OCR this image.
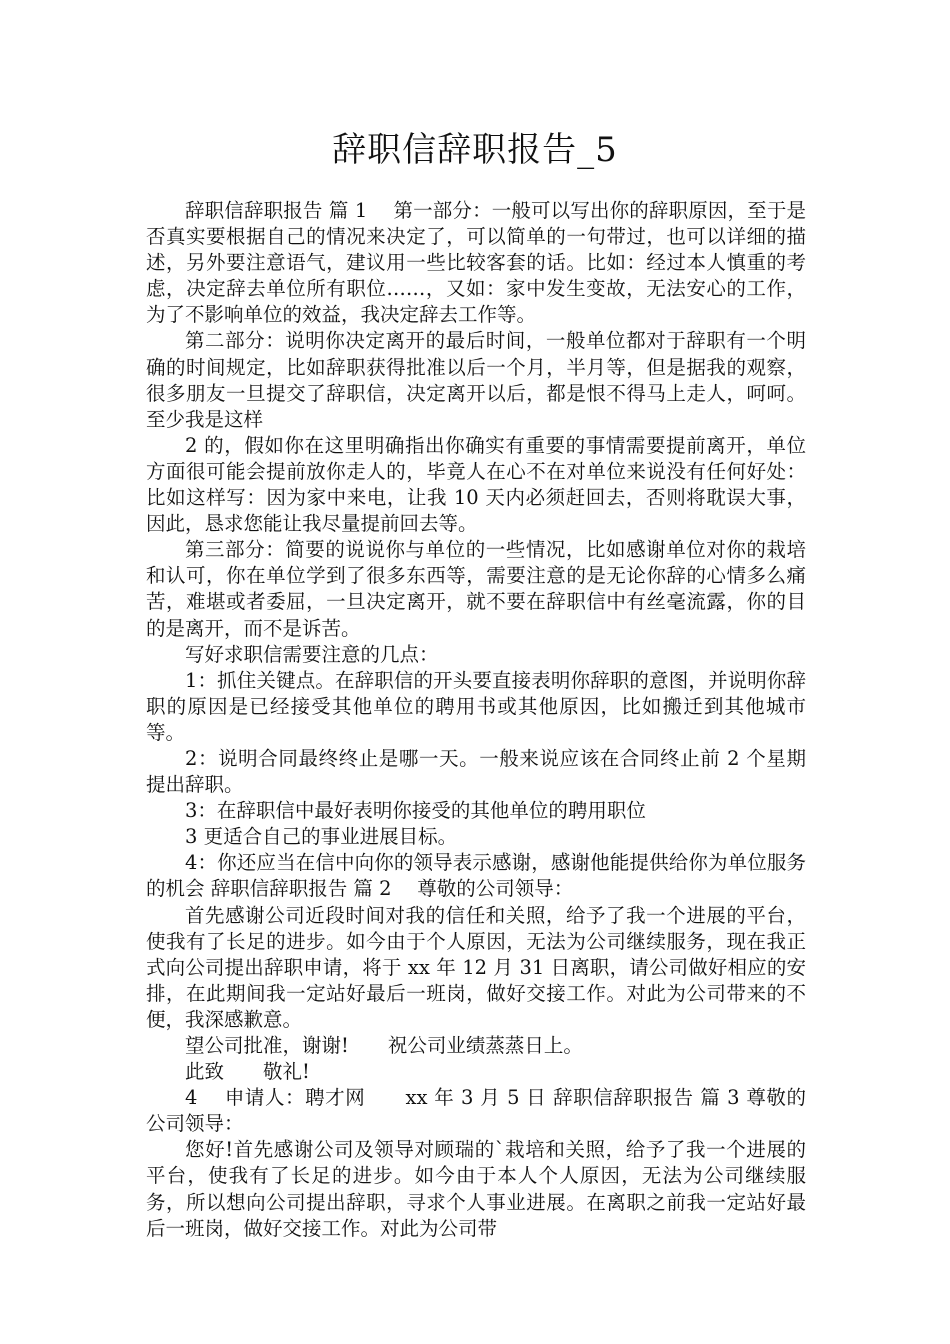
辞职信辞职报告_5

辞职信辞职报告 篇 1　 第一部分：一般可以写出你的辞职原因，至于是否真实要根据自己的情况来决定了，可以简单的一句带过，也可以详细的描述，另外要注意语气，建议用一些比较客套的话。比如：经过本人慎重的考虑，决定辞去单位所有职位……，又如：家中发生变故，无法安心的工作，为了不影响单位的效益，我决定辞去工作等。

第二部分：说明你决定离开的最后时间，一般单位都对于辞职有一个明确的时间规定，比如辞职获得批准以后一个月，半月等，但是据我的观察，很多朋友一旦提交了辞职信，决定离开以后，都是恨不得马上走人，呵呵。至少我是这样

2 的，假如你在这里明确指出你确实有重要的事情需要提前离开，单位方面很可能会提前放你走人的，毕竟人在心不在对单位来说没有任何好处：比如这样写：因为家中来电，让我 10 天内必须赶回去，否则将耽误大事，因此，恳求您能让我尽量提前回去等。

第三部分：简要的说说你与单位的一些情况，比如感谢单位对你的栽培和认可，你在单位学到了很多东西等，需要注意的是无论你辞的心情多么痛苦，难堪或者委屈，一旦决定离开，就不要在辞职信中有丝毫流露，你的目的是离开，而不是诉苦。

写好求职信需要注意的几点：

1：抓住关键点。在辞职信的开头要直接表明你辞职的意图，并说明你辞职的原因是已经接受其他单位的聘用书或其他原因，比如搬迁到其他城市等。

2：说明合同最终终止是哪一天。一般来说应该在合同终止前 2 个星期提出辞职。

3：在辞职信中最好表明你接受的其他单位的聘用职位

3 更适合自己的事业进展目标。

4：你还应当在信中向你的领导表示感谢，感谢他能提供给你为单位服务的机会 辞职信辞职报告 篇 2　 尊敬的公司领导：

首先感谢公司近段时间对我的信任和关照，给予了我一个进展的平台，使我有了长足的进步。如今由于个人原因，无法为公司继续服务，现在我正式向公司提出辞职申请，将于 xx 年 12 月 31 日离职，请公司做好相应的安排，在此期间我一定站好最后一班岗，做好交接工作。对此为公司带来的不便，我深感歉意。

望公司批准，谢谢!　　祝公司业绩蒸蒸日上。

此致　　敬礼!

4　 申请人：聘才网　　xx 年 3 月 5 日 辞职信辞职报告 篇 3 尊敬的公司领导：

您好!首先感谢公司及领导对顾瑞的`栽培和关照，给予了我一个进展的平台，使我有了长足的进步。如今由于本人个人原因，无法为公司继续服务，所以想向公司提出辞职，寻求个人事业进展。在离职之前我一定站好最后一班岗，做好交接工作。对此为公司带
